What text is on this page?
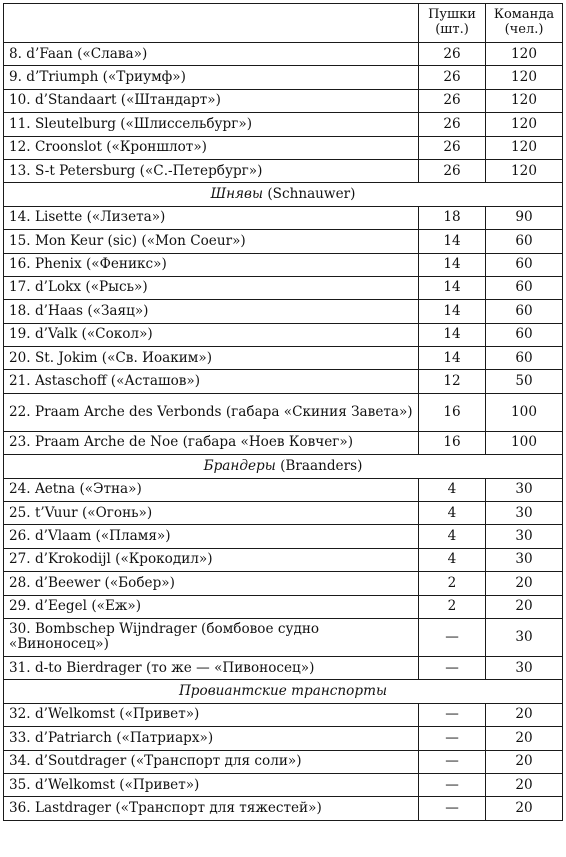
	Пушки (шт.)	Команда (чел.)
8. d’Faan («Слава»)	26	120
9. d’Triumph («Триумф»)	26	120
10. d’Standaart («Штандарт»)	26	120
11. Sleutelburg («Шлиссельбург»)	26	120
12. Croonslot («Кроншлот»)	26	120
13. S-t Petersburg («С.-Петербург»)	26	120
Шнявы (Schnauwer)		
14. Lisette («Лизета»)	18	90
15. Mon Keur (sic) («Mon Coeur»)	14	60
16. Phenix («Феникс»)	14	60
17. d’Lokx («Рысь»)	14	60
18. d’Haas («Заяц»)	14	60
19. d’Valk («Сокол»)	14	60
20. St. Jokim («Св. Иоаким»)	14	60
21. Astaschoff («Асташов»)	12	50
22. Praam Arche des Verbonds (габара «Скиния Завета»)	16	100
23. Praam Arche de Noe (габара «Ноев Ковчег»)	16	100
Брандеры (Braanders)		
24. Aetna («Этна»)	4	30
25. t’Vuur («Огонь»)	4	30
26. d’Vlaam («Пламя»)	4	30
27. d’Krokodijl («Крокодил»)	4	30
28. d’Beewer («Бобер»)	2	20
29. d’Eegel («Еж»)	2	20
30. Bombschep Wijndrager (бомбовое судно «Виноносец»)	—	30
31. d-to Bierdrager (то же — «Пивоносец»)	—	30
Провиантские транспорты		
32. d’Welkomst («Привет»)	—	20
33. d’Patriarch («Патриарх»)	—	20
34. d’Soutdrager («Транспорт для соли»)	—	20
35. d’Welkomst («Привет»)	—	20
36. Lastdrager («Транспорт для тяжестей»)	—	20
